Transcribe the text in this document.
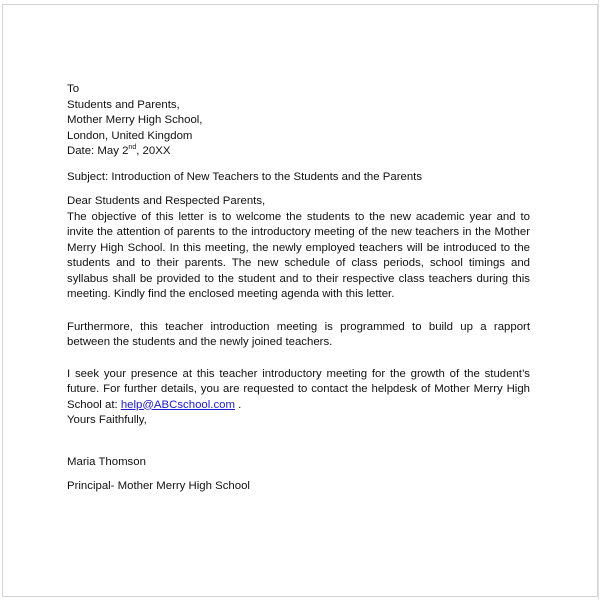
To
Students and Parents,
Mother Merry High School,
London, United Kingdom
Date: May 2nd, 20XX
Subject: Introduction of New Teachers to the Students and the Parents
Dear Students and Respected Parents,
The objective of this letter is to welcome the students to the new academic year and to invite the attention of parents to the introductory meeting of the new teachers in the Mother Merry High School. In this meeting, the newly employed teachers will be introduced to the students and to their parents. The new schedule of class periods, school timings and syllabus shall be provided to the student and to their respective class teachers during this meeting. Kindly find the enclosed meeting agenda with this letter.
Furthermore, this teacher introduction meeting is programmed to build up a rapport between the students and the newly joined teachers.
I seek your presence at this teacher introductory meeting for the growth of the student’s future. For further details, you are requested to contact the helpdesk of Mother Merry High School at: help@ABCschool.com .
Yours Faithfully,
Maria Thomson
Principal- Mother Merry High School
